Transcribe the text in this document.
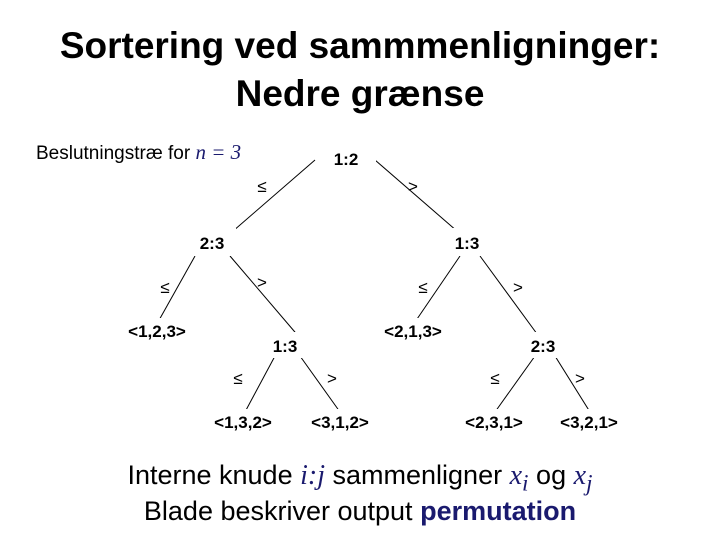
Sortering ved sammmenligninger:
Nedre grænse
Beslutningstræ for n = 3	1:2
2:3	1:3
<1,2,3>
1:3
<2,1,3>
2:3
<1,3,2> <3,1,2>	<2,3,1> <3,2,1>
≤	>
≤	>	≤	>
≤	>	≤	>
Interne knude i:j sammenligner $x_i$ og $x_j$
Blade beskriver output permutation
